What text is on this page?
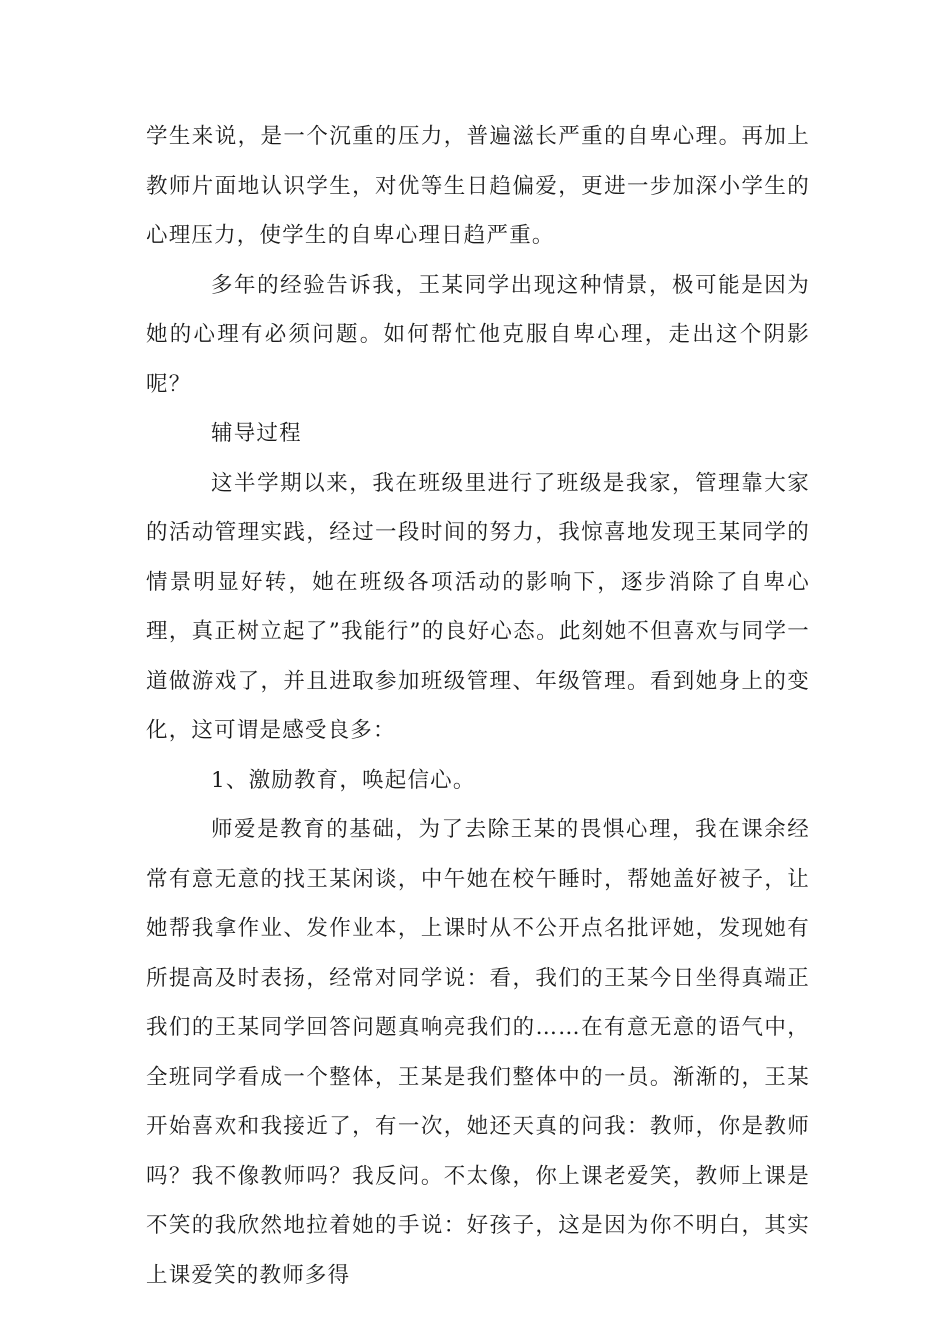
学生来说，是一个沉重的压力，普遍滋长严重的自卑心理。再加上教师片面地认识学生，对优等生日趋偏爱，更进一步加深小学生的心理压力，使学生的自卑心理日趋严重。

多年的经验告诉我，王某同学出现这种情景，极可能是因为她的心理有必须问题。如何帮忙他克服自卑心理，走出这个阴影呢？

辅导过程

这半学期以来，我在班级里进行了班级是我家，管理靠大家的活动管理实践，经过一段时间的努力，我惊喜地发现王某同学的情景明显好转，她在班级各项活动的影响下，逐步消除了自卑心理，真正树立起了”我能行”的良好心态。此刻她不但喜欢与同学一道做游戏了，并且进取参加班级管理、年级管理。看到她身上的变化，这可谓是感受良多：

1、激励教育，唤起信心。

师爱是教育的基础，为了去除王某的畏惧心理，我在课余经常有意无意的找王某闲谈，中午她在校午睡时，帮她盖好被子，让她帮我拿作业、发作业本，上课时从不公开点名批评她，发现她有所提高及时表扬，经常对同学说：看，我们的王某今日坐得真端正我们的王某同学回答问题真响亮我们的……在有意无意的语气中，全班同学看成一个整体，王某是我们整体中的一员。渐渐的，王某开始喜欢和我接近了，有一次，她还天真的问我：教师，你是教师吗？我不像教师吗？我反问。不太像，你上课老爱笑，教师上课是不笑的我欣然地拉着她的手说：好孩子，这是因为你不明白，其实上课爱笑的教师多得
